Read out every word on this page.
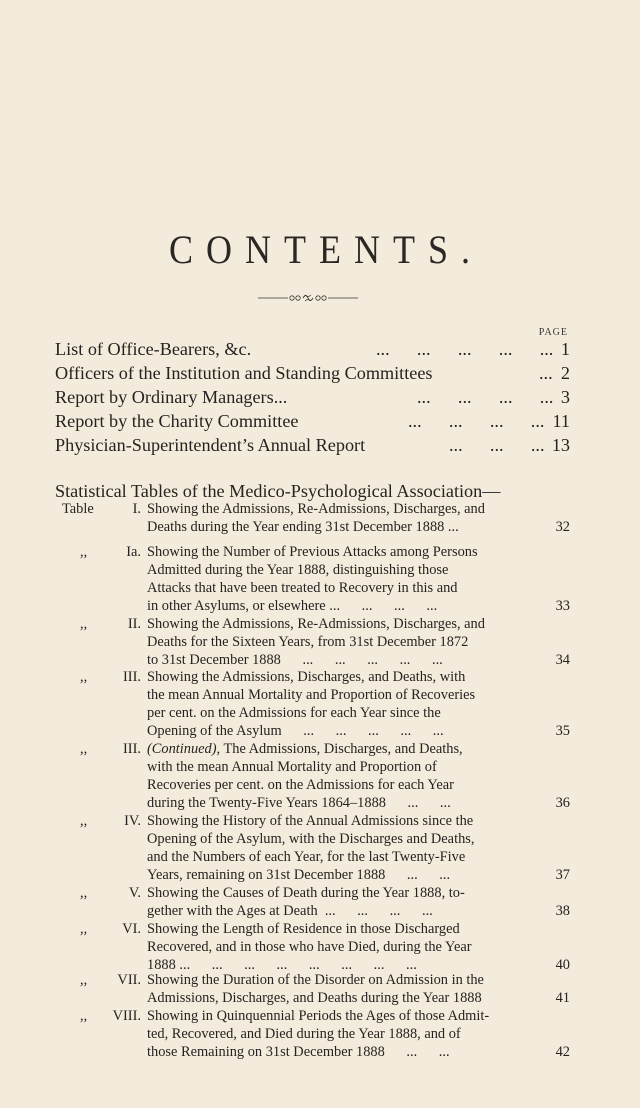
CONTENTS.
PAGE
List of Office-Bearers, &c.	...      ...      ...      ...      ... 1
Officers of the Institution and Standing Committees	... 2
Report by Ordinary Managers...	...      ...      ...      ... 3
Report by the Charity Committee	...      ...      ...      ... 11
Physician-Superintendent’s Annual Report	...      ...      ... 13
Statistical Tables of the Medico-Psychological Association—
Table	I. Showing the Admissions, Re-Admissions, Discharges, and
Deaths during the Year ending 31st December 1888 ...	32
,,	Ia. Showing the Number of Previous Attacks among Persons
Admitted during the Year 1888, distinguishing those
Attacks that have been treated to Recovery in this and
in other Asylums, or elsewhere ...      ...      ...      ...	33
,,	II. Showing the Admissions, Re-Admissions, Discharges, and
Deaths for the Sixteen Years, from 31st December 1872
to 31st December 1888      ...      ...      ...      ...      ...	34
,,	III. Showing the Admissions, Discharges, and Deaths, with
the mean Annual Mortality and Proportion of Recoveries
per cent. on the Admissions for each Year since the
Opening of the Asylum      ...      ...      ...      ...      ...	35
,,	III. (Continued), The Admissions, Discharges, and Deaths,
with the mean Annual Mortality and Proportion of
Recoveries per cent. on the Admissions for each Year
during the Twenty-Five Years 1864–1888      ...      ...	36
,,	IV. Showing the History of the Annual Admissions since the
Opening of the Asylum, with the Discharges and Deaths,
and the Numbers of each Year, for the last Twenty-Five
Years, remaining on 31st December 1888      ...      ...	37
,,	V. Showing the Causes of Death during the Year 1888, to-
gether with the Ages at Death  ...      ...      ...      ...	38
,,	VI. Showing the Length of Residence in those Discharged
Recovered, and in those who have Died, during the Year
1888 ...      ...      ...      ...      ...      ...      ...      ...	40
,,	VII. Showing the Duration of the Disorder on Admission in the
Admissions, Discharges, and Deaths during the Year 1888	41
,,	VIII. Showing in Quinquennial Periods the Ages of those Admit-
ted, Recovered, and Died during the Year 1888, and of
those Remaining on 31st December 1888      ...      ...	42
